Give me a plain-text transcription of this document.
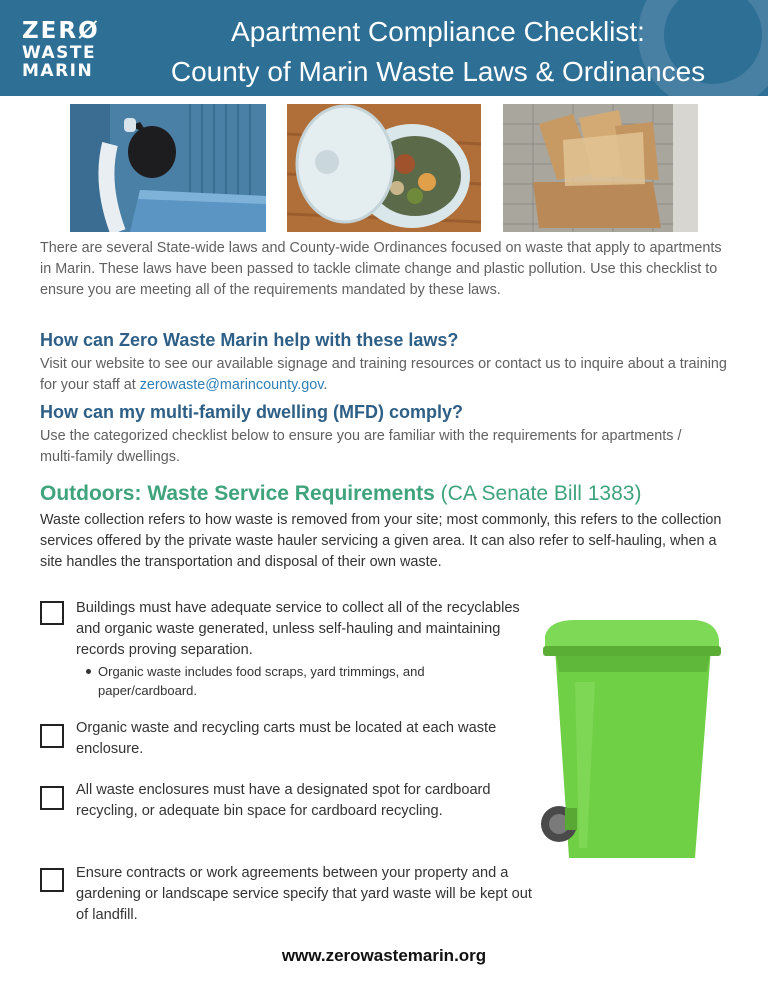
ZERØ
WASTE
MARIN
Apartment Compliance Checklist:
County of Marin Waste Laws & Ordinances
There are several State-wide laws and County-wide Ordinances focused on waste that apply to apartments in Marin. These laws have been passed to tackle climate change and plastic pollution. Use this checklist to ensure you are meeting all of the requirements mandated by these laws.
How can Zero Waste Marin help with these laws?
Visit our website to see our available signage and training resources or contact us to inquire about a training for your staff at zerowaste@marincounty.gov.
How can my multi-family dwelling (MFD) comply?
Use the categorized checklist below to ensure you are familiar with the requirements for apartments / multi-family dwellings.
Outdoors: Waste Service Requirements (CA Senate Bill 1383)
Waste collection refers to how waste is removed from your site; most commonly, this refers to the collection services offered by the private waste hauler servicing a given area. It can also refer to self-hauling, when a site handles the transportation and disposal of their own waste.
Buildings must have adequate service to collect all of the recyclables and organic waste generated, unless self-hauling and maintaining records proving separation.
Organic waste includes food scraps, yard trimmings, and paper/cardboard.
Organic waste and recycling carts must be located at each waste enclosure.
All waste enclosures must have a designated spot for cardboard recycling, or adequate bin space for cardboard recycling.
Ensure contracts or work agreements between your property and a gardening or landscape service specify that yard waste will be kept out of landfill.
www.zerowastemarin.org
